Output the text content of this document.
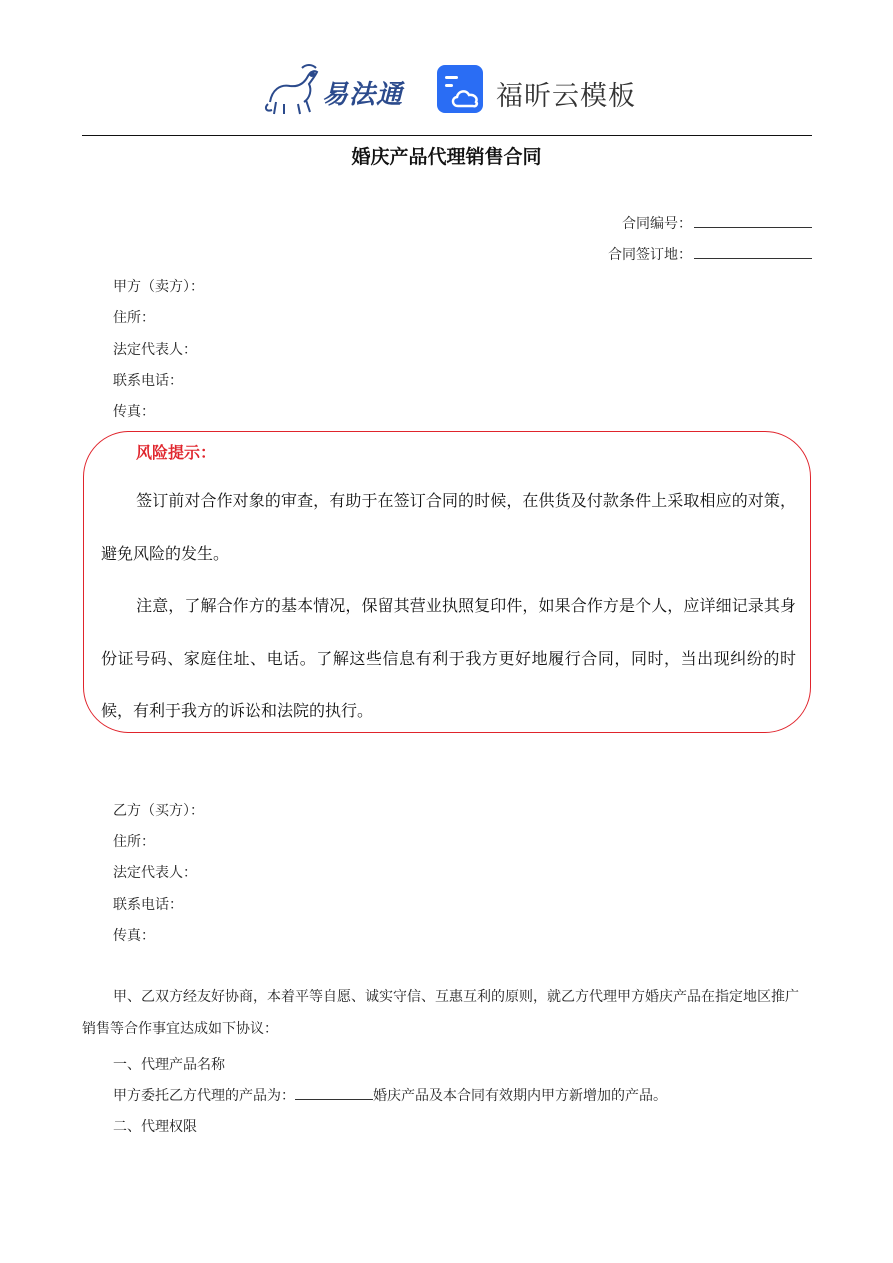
易法通	福昕云模板
婚庆产品代理销售合同
合同编号：
合同签订地：
甲方（卖方）：
住所：
法定代表人：
联系电话：
传真：
风险提示：
签订前对合作对象的审查，有助于在签订合同的时候，在供货及付款条件上采取相应的对策，避免风险的发生。
注意，了解合作方的基本情况，保留其营业执照复印件，如果合作方是个人，应详细记录其身份证号码、家庭住址、电话。了解这些信息有利于我方更好地履行合同，同时，当出现纠纷的时候，有利于我方的诉讼和法院的执行。
乙方（买方）：
住所：
法定代表人：
联系电话：
传真：
甲、乙双方经友好协商，本着平等自愿、诚实守信、互惠互利的原则，就乙方代理甲方婚庆产品在指定地区推广销售等合作事宜达成如下协议：
一、代理产品名称
甲方委托乙方代理的产品为：	婚庆产品及本合同有效期内甲方新增加的产品。
二、代理权限
